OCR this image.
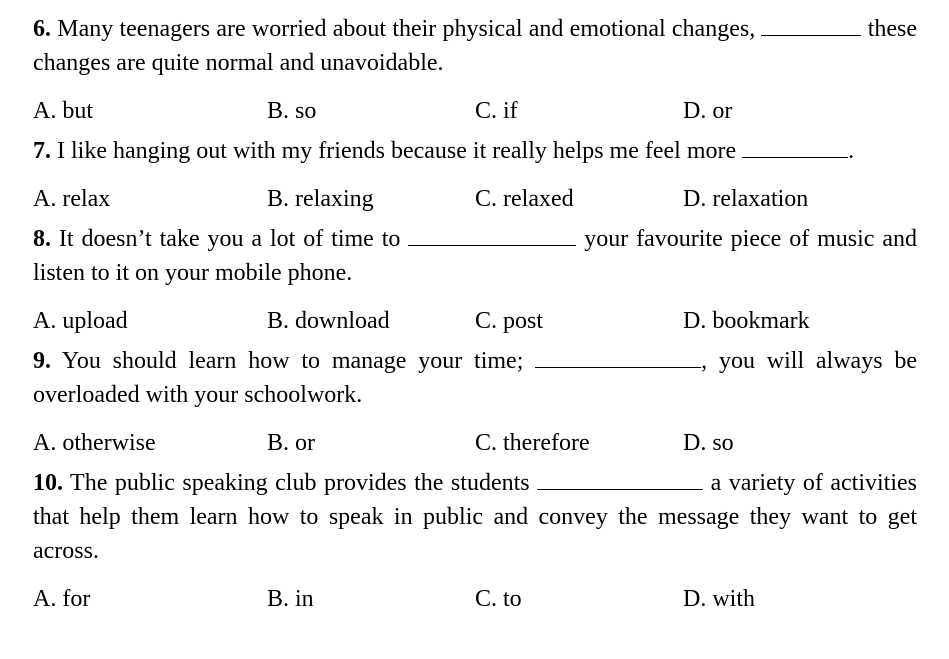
6. Many teenagers are worried about their physical and emotional changes,	these changes are quite normal and unavoidable.

A. but	B. so	C. if	D. or

7. I like hanging out with my friends because it really helps me feel more	.

A. relax	B. relaxing	C. relaxed	D. relaxation

8. It doesn’t take you a lot of time to	your favourite piece of music and listen to it on your mobile phone.

A. upload	B. download	C. post	D. bookmark

9. You should learn how to manage your time;	, you will always be overloaded with your schoolwork.

A. otherwise	B. or	C. therefore	D. so

10. The public speaking club provides the students	a variety of activities that help them learn how to speak in public and convey the message they want to get across.

A. for	B. in	C. to	D. with
